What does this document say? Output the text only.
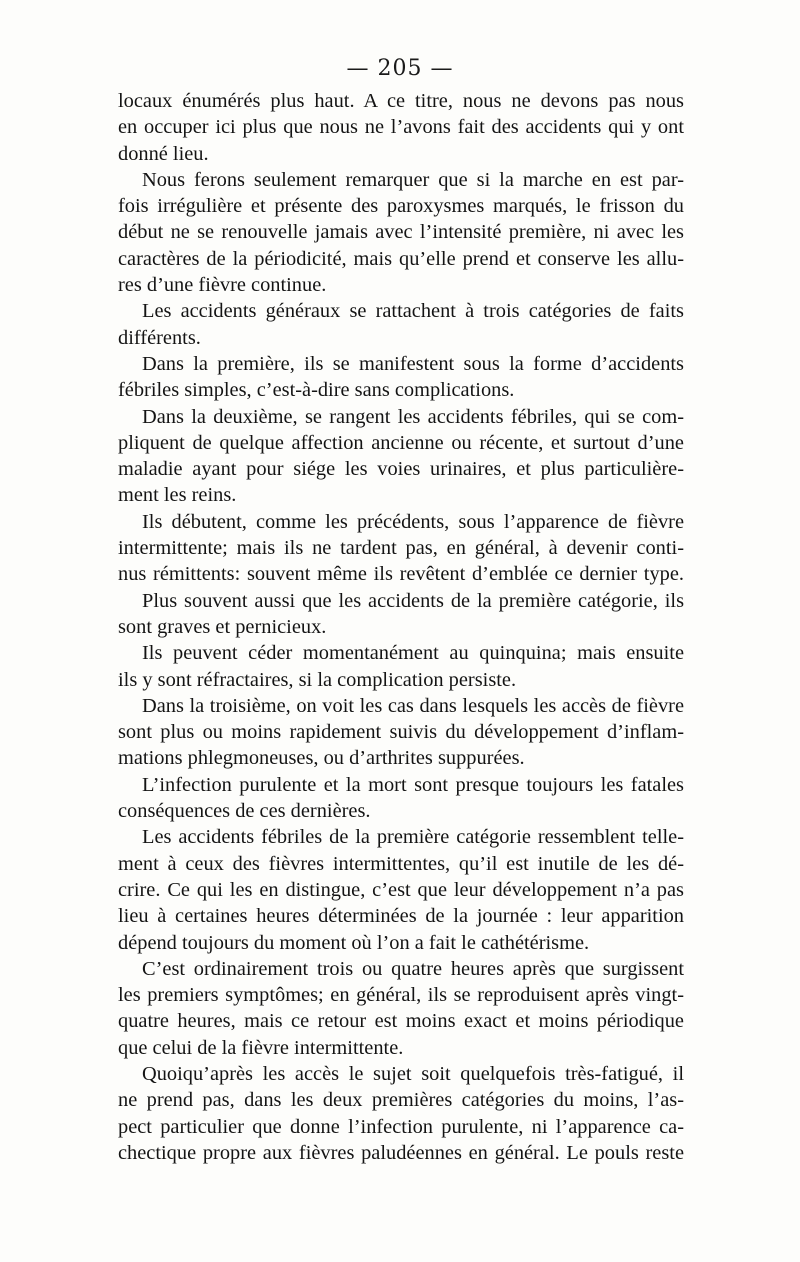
— 205 —
locaux énumérés plus haut. A ce titre, nous ne devons pas nous
en occuper ici plus que nous ne l’avons fait des accidents qui y ont
donné lieu.
Nous ferons seulement remarquer que si la marche en est par-
fois irrégulière et présente des paroxysmes marqués, le frisson du
début ne se renouvelle jamais avec l’intensité première, ni avec les
caractères de la périodicité, mais qu’elle prend et conserve les allu-
res d’une fièvre continue.
Les accidents généraux se rattachent à trois catégories de faits
différents.
Dans la première, ils se manifestent sous la forme d’accidents
fébriles simples, c’est-à-dire sans complications.
Dans la deuxième, se rangent les accidents fébriles, qui se com-
pliquent de quelque affection ancienne ou récente, et surtout d’une
maladie ayant pour siége les voies urinaires, et plus particulière-
ment les reins.
Ils débutent, comme les précédents, sous l’apparence de fièvre
intermittente; mais ils ne tardent pas, en général, à devenir conti-
nus rémittents: souvent même ils revêtent d’emblée ce dernier type.
Plus souvent aussi que les accidents de la première catégorie, ils
sont graves et pernicieux.
Ils peuvent céder momentanément au quinquina; mais ensuite
ils y sont réfractaires, si la complication persiste.
Dans la troisième, on voit les cas dans lesquels les accès de fièvre
sont plus ou moins rapidement suivis du développement d’inflam-
mations phlegmoneuses, ou d’arthrites suppurées.
L’infection purulente et la mort sont presque toujours les fatales
conséquences de ces dernières.
Les accidents fébriles de la première catégorie ressemblent telle-
ment à ceux des fièvres intermittentes, qu’il est inutile de les dé-
crire. Ce qui les en distingue, c’est que leur développement n’a pas
lieu à certaines heures déterminées de la journée : leur apparition
dépend toujours du moment où l’on a fait le cathétérisme.
C’est ordinairement trois ou quatre heures après que surgissent
les premiers symptômes; en général, ils se reproduisent après vingt-
quatre heures, mais ce retour est moins exact et moins périodique
que celui de la fièvre intermittente.
Quoiqu’après les accès le sujet soit quelquefois très-fatigué, il
ne prend pas, dans les deux premières catégories du moins, l’as-
pect particulier que donne l’infection purulente, ni l’apparence ca-
chectique propre aux fièvres paludéennes en général. Le pouls reste
